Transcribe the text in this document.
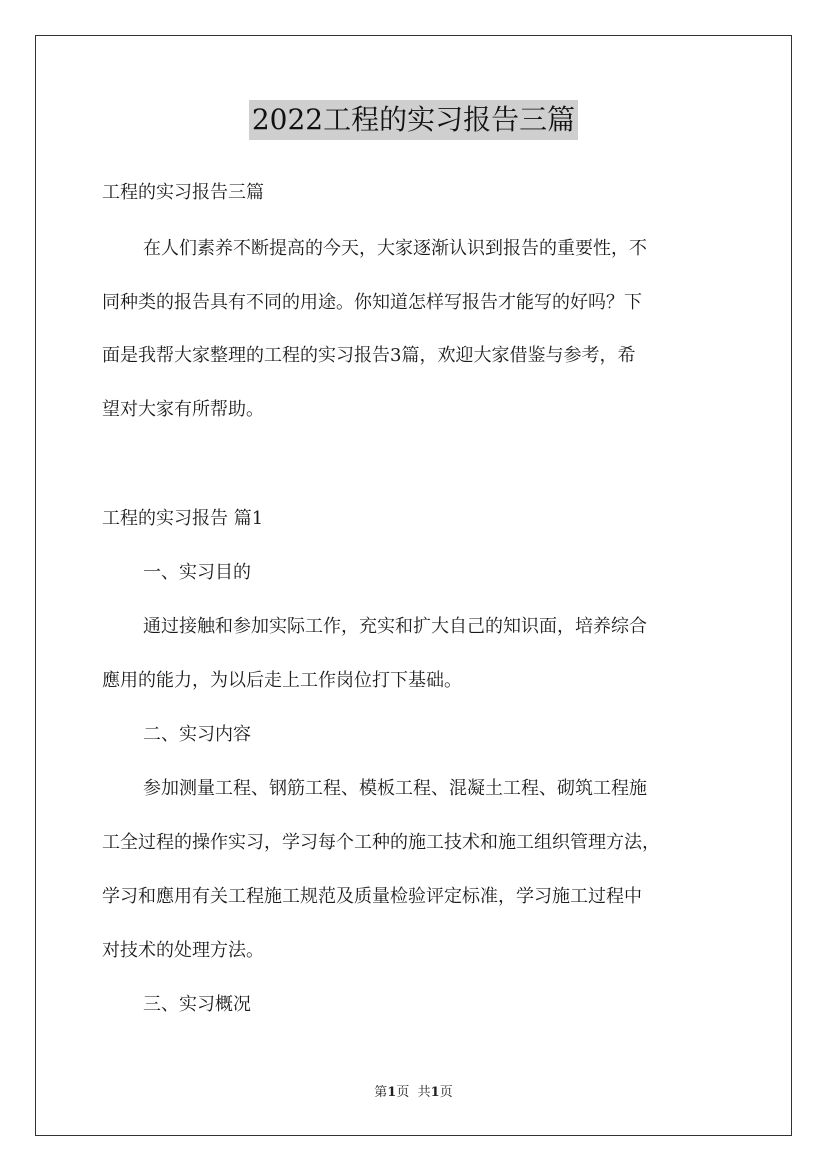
2022工程的实习报告三篇
工程的实习报告三篇
在人们素养不断提高的今天，大家逐渐认识到报告的重要性，不
同种类的报告具有不同的用途。你知道怎样写报告才能写的好吗？下
面是我帮大家整理的工程的实习报告3篇，欢迎大家借鉴与参考，希
望对大家有所帮助。
工程的实习报告 篇1
一、实习目的
通过接触和参加实际工作，充实和扩大自己的知识面，培养综合
應用的能力，为以后走上工作岗位打下基础。
二、实习内容
参加测量工程、钢筋工程、模板工程、混凝土工程、砌筑工程施
工全过程的操作实习，学习每个工种的施工技术和施工组织管理方法，
学习和應用有关工程施工规范及质量检验评定标准，学习施工过程中
对技术的处理方法。
三、实习概况
第1页 共1页
